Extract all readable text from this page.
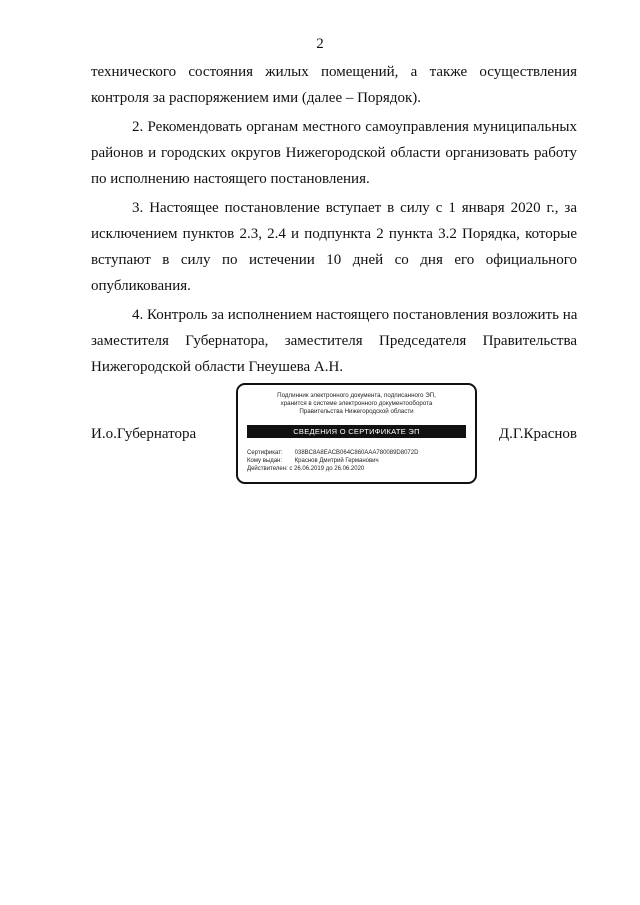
2
технического состояния жилых помещений, а также осуществления
контроля за распоряжением ими (далее – Порядок).
2. Рекомендовать органам местного самоуправления муниципальных
районов и городских округов Нижегородской области организовать работу
по исполнению настоящего постановления.
3. Настоящее постановление вступает в силу с 1 января 2020 г., за
исключением пунктов 2.3, 2.4 и подпункта 2 пункта 3.2 Порядка, которые
вступают в силу по истечении 10 дней со дня его официального
опубликования.
4. Контроль за исполнением настоящего постановления возложить на
заместителя Губернатора, заместителя Председателя Правительства
Нижегородской области Гнеушева А.Н.
И.о.Губернатора
Подлинник электронного документа, подписанного ЭП,
хранится в системе электронного документооборота
Правительства Нижегородской области
СВЕДЕНИЯ О СЕРТИФИКАТЕ ЭП
Сертификат: 038BC8A8EACB064C860AAA780089D8072D
Кому выдан: Краснов Дмитрий Германович
Действителен: с 26.06.2019 до 26.06.2020
Д.Г.Краснов
